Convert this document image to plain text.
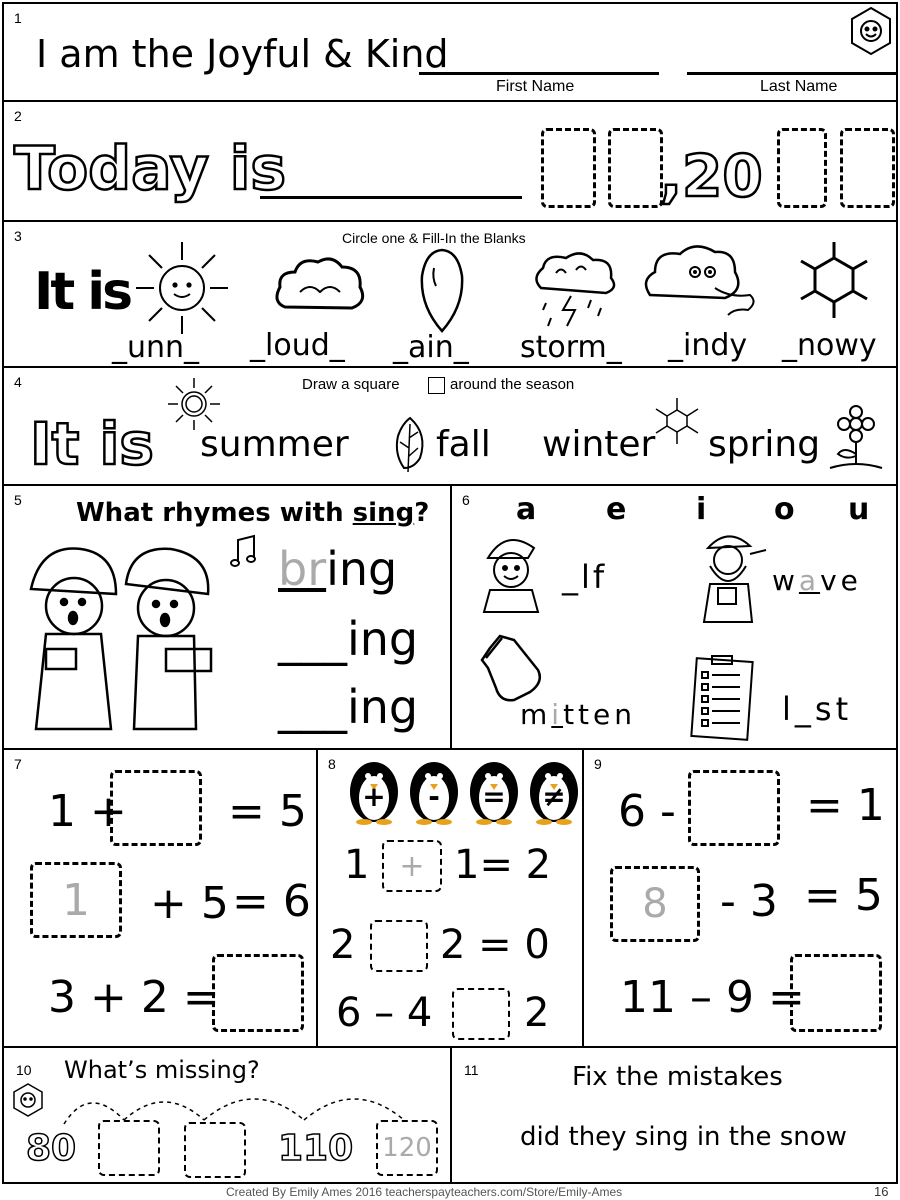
1
I am the Joyful & Kind
First Name	Last Name
2
Today is	,20
3	Circle one & Fill-In the Blanks
It is
_unn_ _loud_ _ain_ storm_ _indy _nowy
4	Draw a square	around the season
It is summer fall winter spring
5 What rhymes with sing?
bring
___ing
___ing
6 a e i o u
_lf	wave
mitten	l_st
7
1 + = 5
1 + 5 = 6
3 + 2 =
8
+	-	=	≠
1 + 1= 2
2 2 = 0
6 – 4 2
9
6 -	= 1
8 - 3 = 5
11 – 9 =
10 What’s missing?
80	110 120
11	Fix the mistakes
did they sing in the snow
Created By Emily Ames 2016 teacherspayteachers.com/Store/Emily-Ames	16
